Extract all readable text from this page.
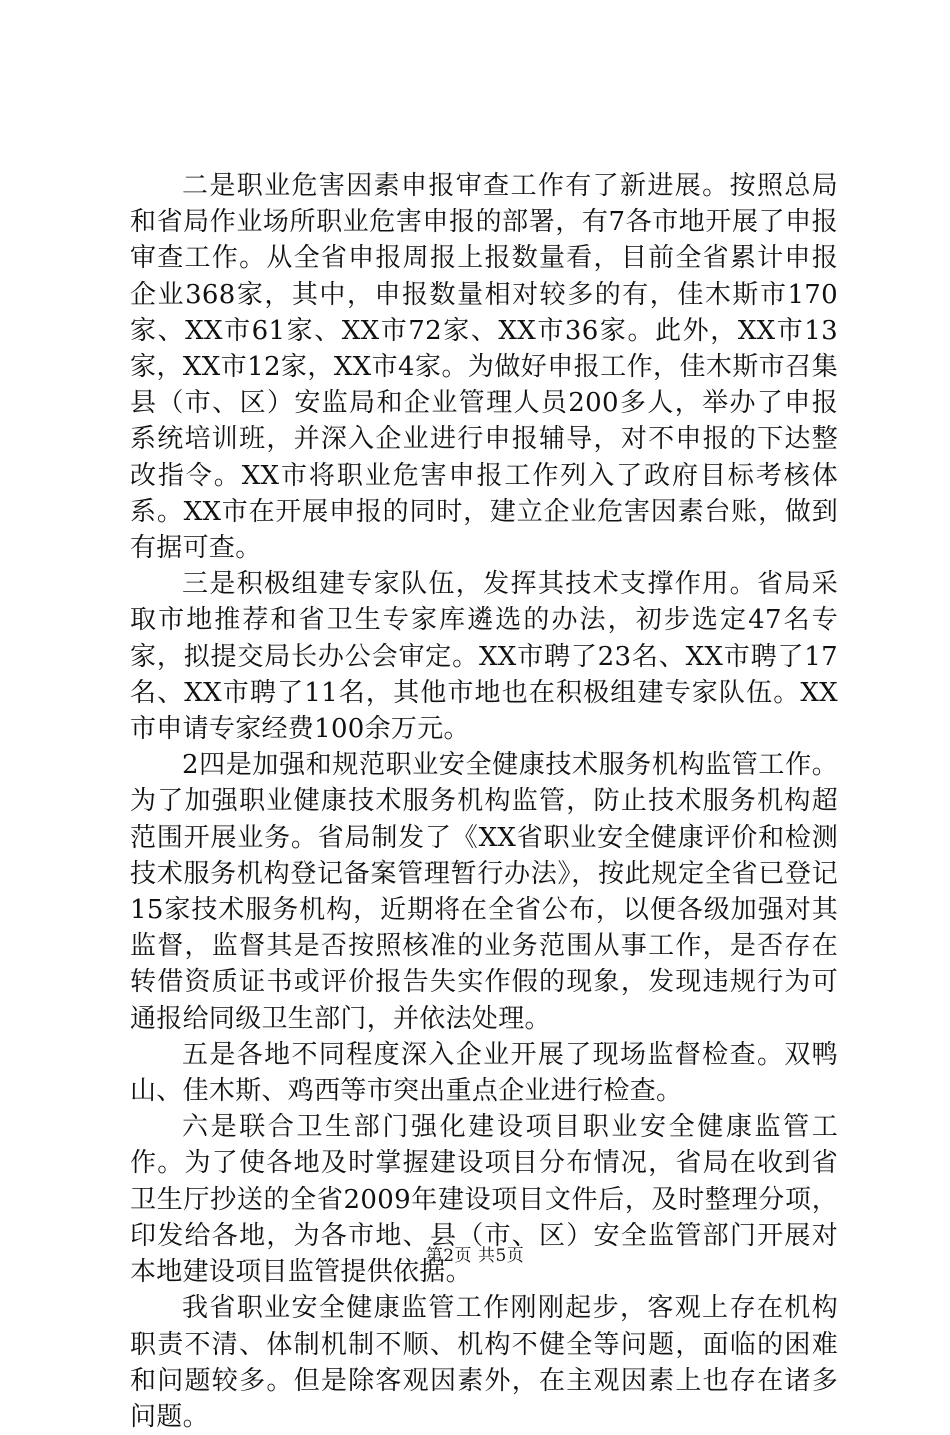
二是职业危害因素申报审查工作有了新进展。按照总局和省局作业场所职业危害申报的部署，有7各市地开展了申报审查工作。从全省申报周报上报数量看，目前全省累计申报企业368家，其中，申报数量相对较多的有，佳木斯市170家、XX市61家、XX市72家、XX市36家。此外，XX市13家，XX市12家，XX市4家。为做好申报工作，佳木斯市召集县（市、区）安监局和企业管理人员200多人，举办了申报系统培训班，并深入企业进行申报辅导，对不申报的下达整改指令。XX市将职业危害申报工作列入了政府目标考核体系。XX市在开展申报的同时，建立企业危害因素台账，做到有据可查。

三是积极组建专家队伍，发挥其技术支撑作用。省局采取市地推荐和省卫生专家库遴选的办法，初步选定47名专家，拟提交局长办公会审定。XX市聘了23名、XX市聘了17名、XX市聘了11名，其他市地也在积极组建专家队伍。XX市申请专家经费100余万元。

2四是加强和规范职业安全健康技术服务机构监管工作。为了加强职业健康技术服务机构监管，防止技术服务机构超范围开展业务。省局制发了《XX省职业安全健康评价和检测技术服务机构登记备案管理暂行办法》，按此规定全省已登记15家技术服务机构，近期将在全省公布，以便各级加强对其监督，监督其是否按照核准的业务范围从事工作，是否存在转借资质证书或评价报告失实作假的现象，发现违规行为可通报给同级卫生部门，并依法处理。

五是各地不同程度深入企业开展了现场监督检查。双鸭山、佳木斯、鸡西等市突出重点企业进行检查。

六是联合卫生部门强化建设项目职业安全健康监管工作。为了使各地及时掌握建设项目分布情况，省局在收到省卫生厅抄送的全省2009年建设项目文件后，及时整理分项，印发给各地，为各市地、县（市、区）安全监管部门开展对本地建设项目监管提供依据。

我省职业安全健康监管工作刚刚起步，客观上存在机构职责不清、体制机制不顺、机构不健全等问题，面临的困难和问题较多。但是除客观因素外，在主观因素上也存在诸多问题。

第2页 共5页
